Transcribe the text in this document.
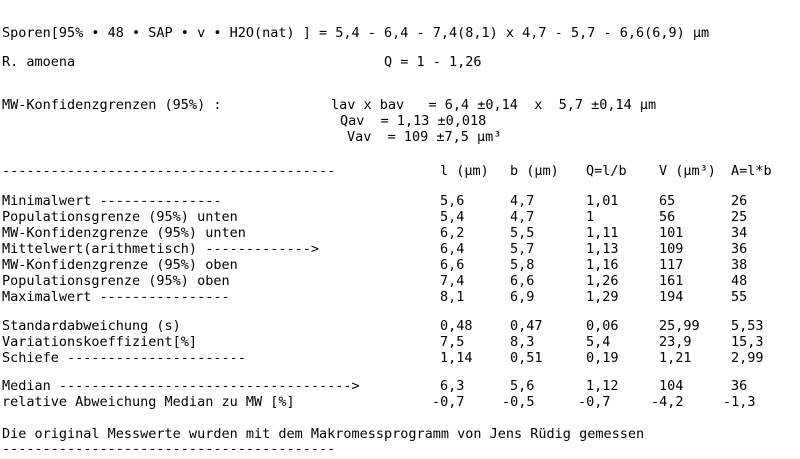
Sporen[95% • 48 • SAP • v • H2O(nat) ] = 5,4 - 6,4 - 7,4(8,1) x 4,7 - 5,7 - 6,6(6,9) µm
R. amoena	Q = 1 - 1,26
MW-Konfidenzgrenzen (95%) :	lav x bav   = 6,4 ±0,14  x  5,7 ±0,14 µm
Qav  = 1,13 ±0,018
Vav  = 109 ±7,5 µm³
-----------------------------------------	l (µm) b (µm) Q=l/b V (µm³) A=l*b
Minimalwert ---------------	5,6	4,7	1,01	65	26
Populationsgrenze (95%) unten	5,4	4,7	1	56	25
MW-Konfidenzgrenze (95%) unten	6,2	5,5	1,11	101	34
Mittelwert(arithmetisch) ------------->	6,4	5,7	1,13	109	36
MW-Konfidenzgrenze (95%) oben	6,6	5,8	1,16	117	38
Populationsgrenze (95%) oben	7,4	6,6	1,26	161	48
Maximalwert ----------------	8,1	6,9	1,29	194	55
Standardabweichung (s)	0,48	0,47	0,06	25,99 5,53
Variationskoeffizient[%]	7,5	8,3	5,4	23,9	15,3
Schiefe ----------------------	1,14	0,51	0,19	1,21	2,99
Median ------------------------------------>	6,3	5,6	1,12	104	36
relative Abweichung Median zu MW [%]	-0,7	-0,5	-0,7	-4,2	-1,3
Die original Messwerte wurden mit dem Makromessprogramm von Jens Rüdig gemessen
-----------------------------------------
